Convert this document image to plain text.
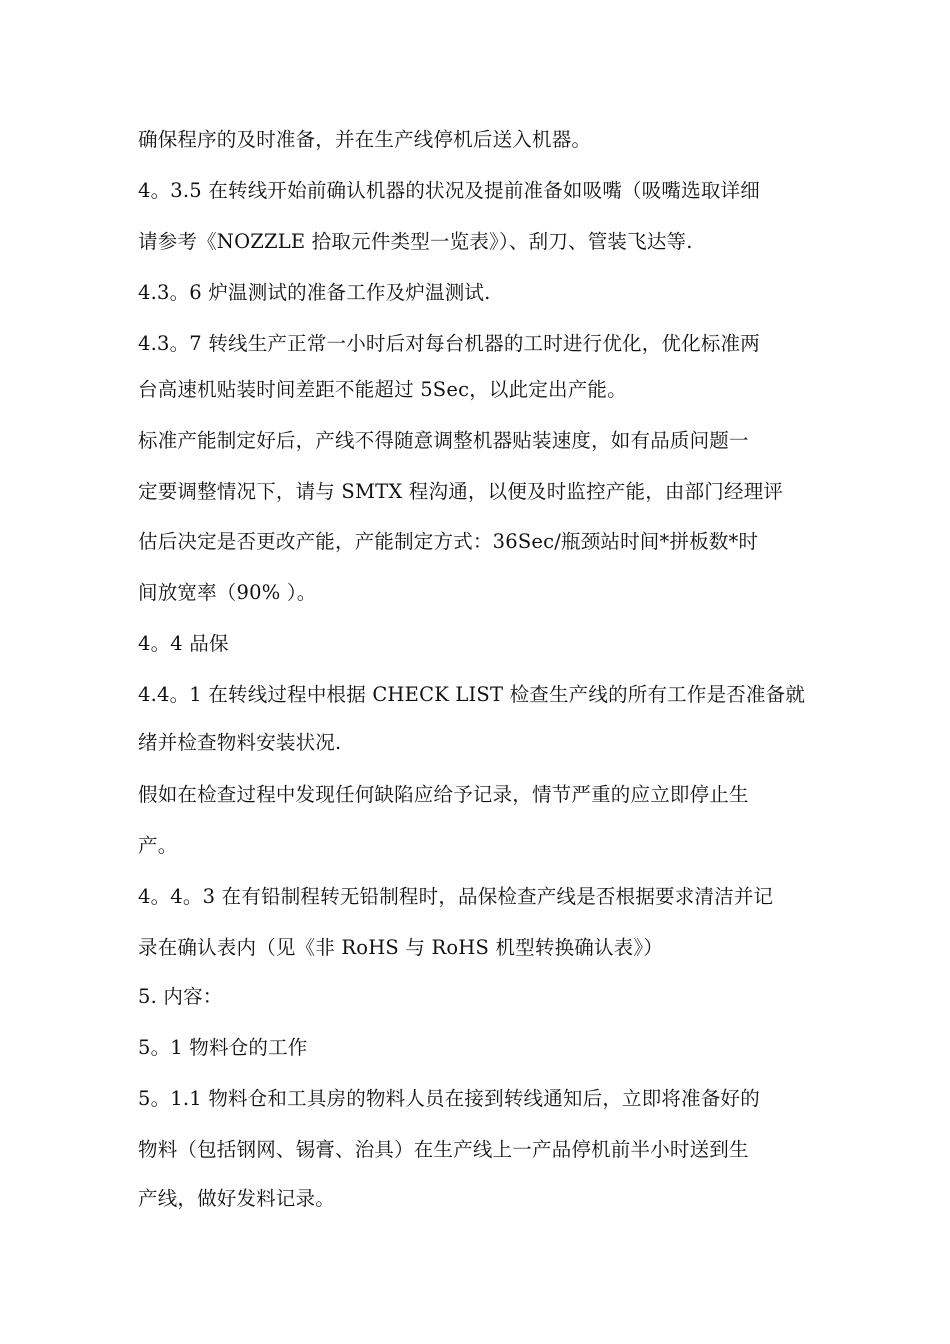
确保程序的及时准备，并在生产线停机后送入机器。
4。3.5 在转线开始前确认机器的状况及提前准备如吸嘴（吸嘴选取详细
请参考《NOZZLE 拾取元件类型一览表》）、刮刀、管装飞达等.
4.3。6 炉温测试的准备工作及炉温测试.
4.3。7 转线生产正常一小时后对每台机器的工时进行优化，优化标准两
台高速机贴装时间差距不能超过 5Sec，以此定出产能。
标准产能制定好后，产线不得随意调整机器贴装速度，如有品质问题一
定要调整情况下，请与 SMTX 程沟通，以便及时监控产能，由部门经理评
估后决定是否更改产能，产能制定方式：36Sec/瓶颈站时间*拼板数*时
间放宽率（90% ）。
4。4 品保
4.4。1 在转线过程中根据 CHECK LIST 检查生产线的所有工作是否准备就
绪并检查物料安装状况.
假如在检查过程中发现任何缺陷应给予记录，情节严重的应立即停止生
产。
4。4。3 在有铅制程转无铅制程时，品保检查产线是否根据要求清洁并记
录在确认表内（见《非 RoHS 与 RoHS 机型转换确认表》）
5. 内容：
5。1 物料仓的工作
5。1.1 物料仓和工具房的物料人员在接到转线通知后，立即将准备好的
物料（包括钢网、锡膏、治具）在生产线上一产品停机前半小时送到生
产线，做好发料记录。
